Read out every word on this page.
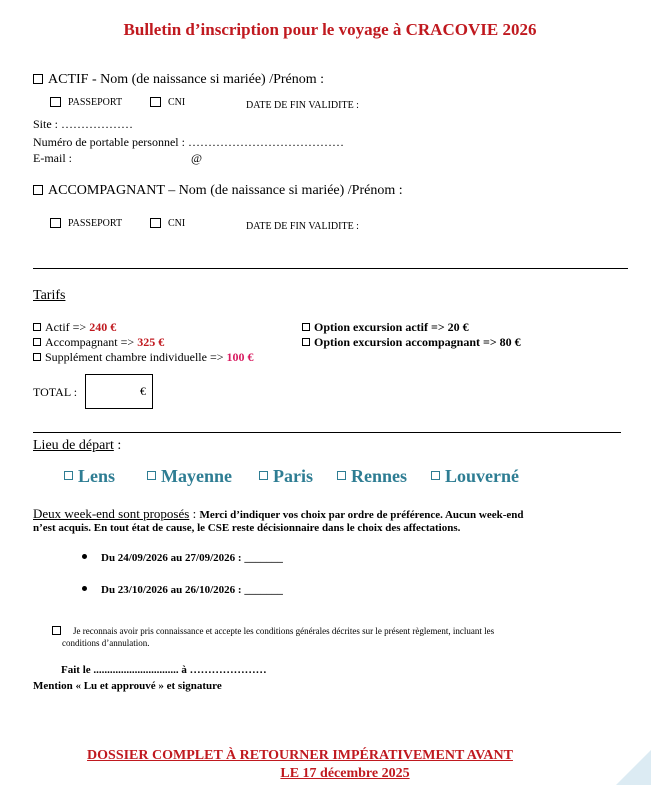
Bulletin d’inscription pour le voyage à CRACOVIE 2026
ACTIF - Nom (de naissance si mariée) /Prénom :
PASSEPORT	CNI	DATE DE FIN VALIDITE :
Site : ………………
Numéro de portable personnel : …………………………………
E-mail :	@
ACCOMPAGNANT – Nom (de naissance si mariée) /Prénom :
PASSEPORT	CNI	DATE DE FIN VALIDITE :
Tarifs
Actif => 240 €
Accompagnant => 325 €
Supplément chambre individuelle => 100 €
Option excursion actif => 20 €
Option excursion accompagnant => 80 €
TOTAL :	€
Lieu de départ :
Lens	Mayenne	Paris	Rennes	Louverné
Deux week-end sont proposés : Merci d’indiquer vos choix par ordre de préférence. Aucun week-end
n’est acquis. En tout état de cause, le CSE reste décisionnaire dans le choix des affectations.
Du 24/09/2026 au 27/09/2026 : _______
Du 23/10/2026 au 26/10/2026 : _______
Je reconnais avoir pris connaissance et accepte les conditions générales décrites sur le présent règlement, incluant les
conditions d’annulation.
Fait le ............................... à …………………
Mention « Lu et approuvé » et signature
DOSSIER COMPLET À RETOURNER IMPÉRATIVEMENT AVANT
LE 17 décembre 2025
